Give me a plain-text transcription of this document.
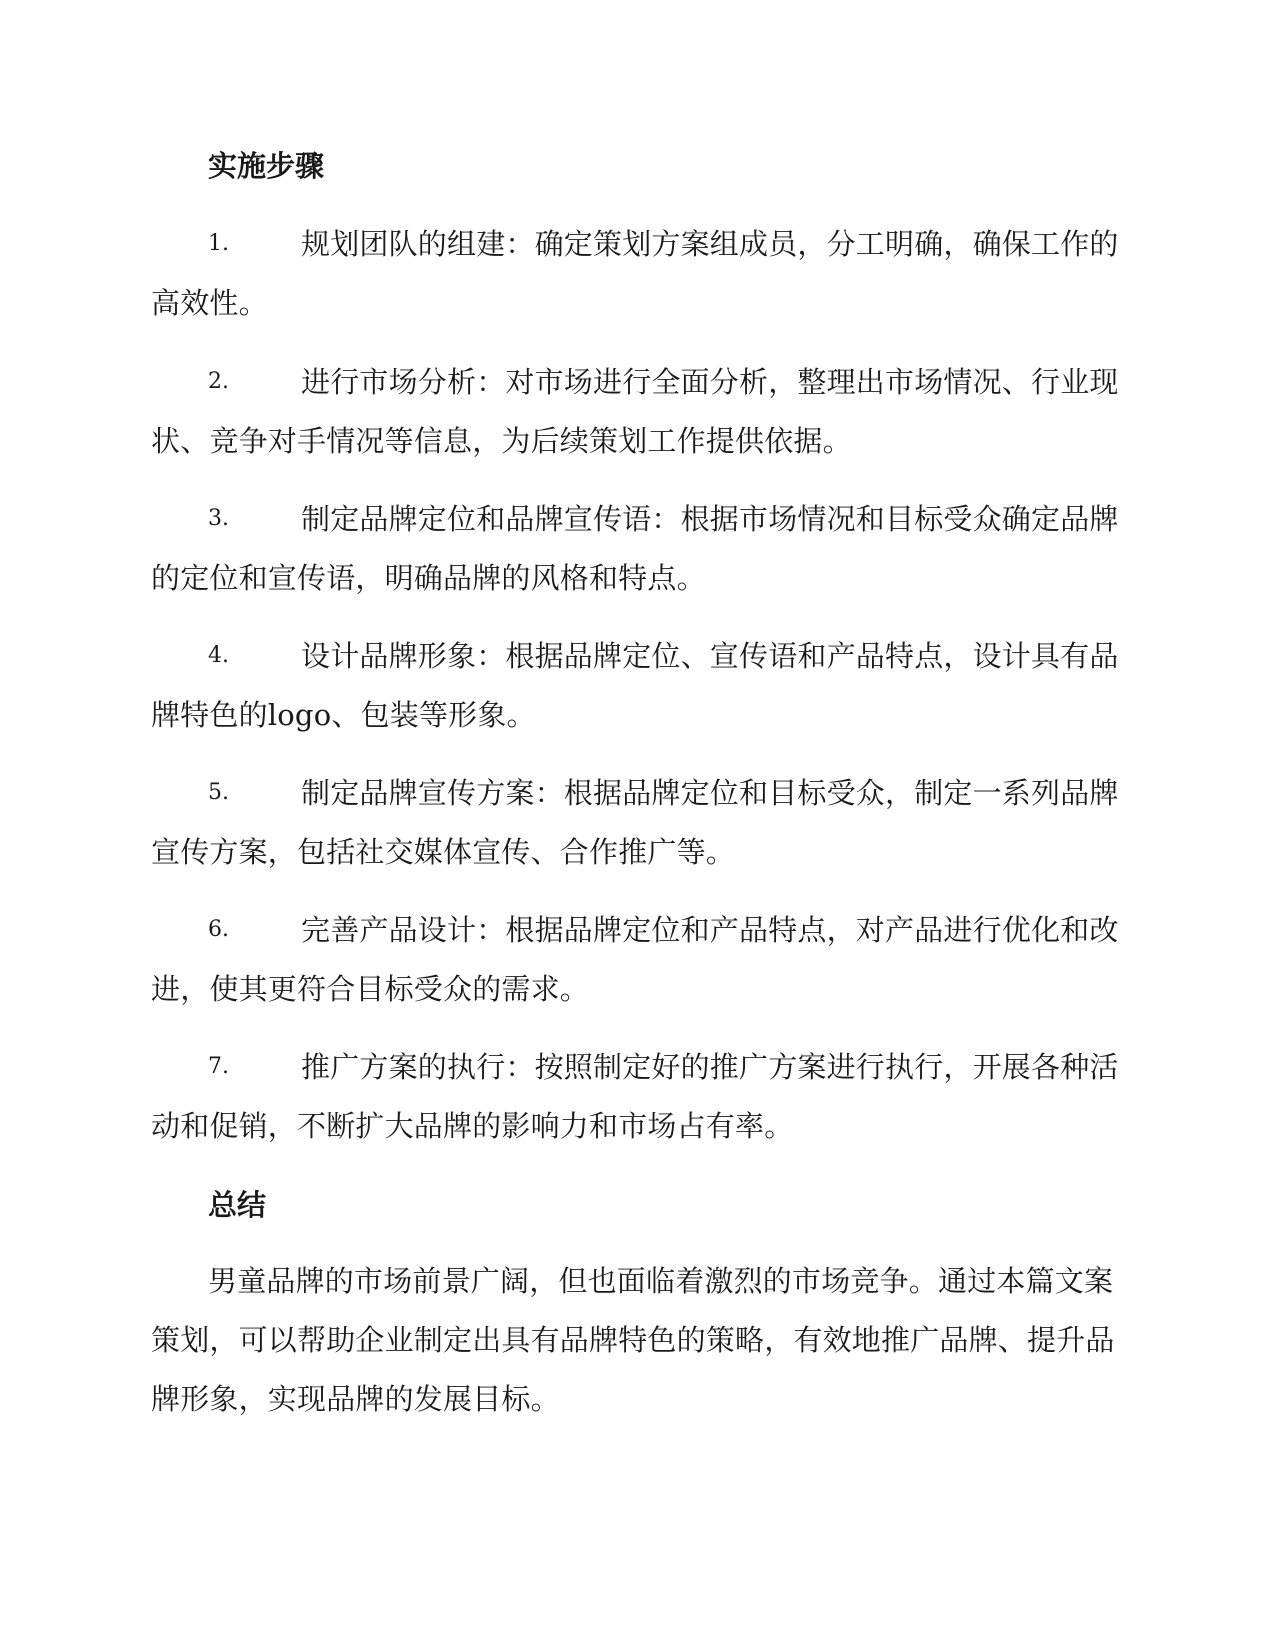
实施步骤
1. 规划团队的组建：确定策划方案组成员，分工明确，确保工作的
高效性。
2. 进行市场分析：对市场进行全面分析，整理出市场情况、行业现
状、竞争对手情况等信息，为后续策划工作提供依据。
3. 制定品牌定位和品牌宣传语：根据市场情况和目标受众确定品牌
的定位和宣传语，明确品牌的风格和特点。
4. 设计品牌形象：根据品牌定位、宣传语和产品特点，设计具有品
牌特色的logo、包装等形象。
5. 制定品牌宣传方案：根据品牌定位和目标受众，制定一系列品牌
宣传方案，包括社交媒体宣传、合作推广等。
6. 完善产品设计：根据品牌定位和产品特点，对产品进行优化和改
进，使其更符合目标受众的需求。
7. 推广方案的执行：按照制定好的推广方案进行执行，开展各种活
动和促销，不断扩大品牌的影响力和市场占有率。
总结
男童品牌的市场前景广阔，但也面临着激烈的市场竞争。通过本篇文案
策划，可以帮助企业制定出具有品牌特色的策略，有效地推广品牌、提升品
牌形象，实现品牌的发展目标。
